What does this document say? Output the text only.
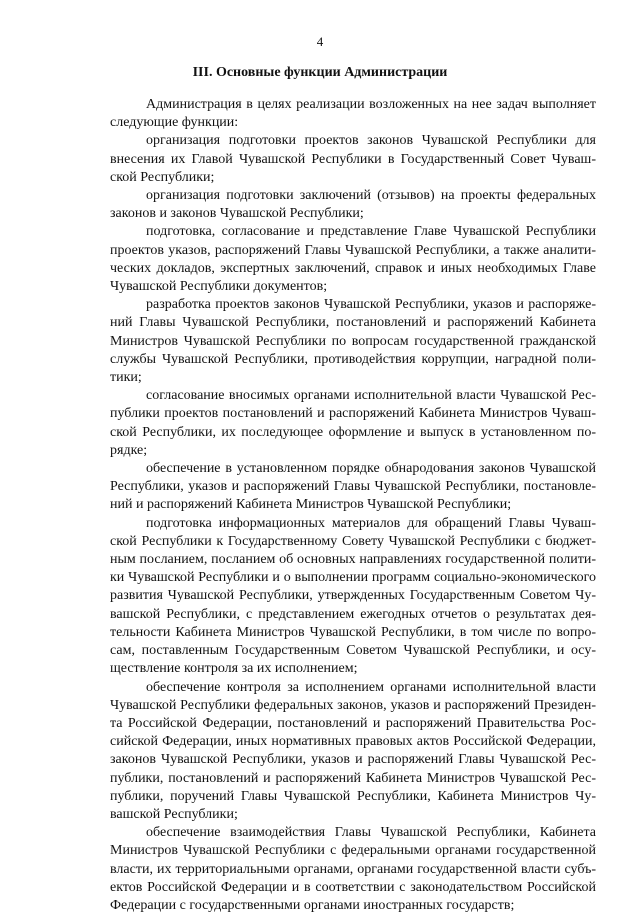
4
III. Основные функции Администрации

Администрация в целях реализации возложенных на нее задач выполняет следующие функции:

организация подготовки проектов законов Чувашской Республики для внесения их Главой Чувашской Республики в Государственный Совет Чувашской Республики;

организация подготовки заключений (отзывов) на проекты федеральных законов и законов Чувашской Республики;

подготовка, согласование и представление Главе Чувашской Республики проектов указов, распоряжений Главы Чувашской Республики, а также аналитических докладов, экспертных заключений, справок и иных необходимых Главе Чувашской Республики документов;

разработка проектов законов Чувашской Республики, указов и распоряжений Главы Чувашской Республики, постановлений и распоряжений Кабинета Министров Чувашской Республики по вопросам государственной гражданской службы Чувашской Республики, противодействия коррупции, наградной политики;

согласование вносимых органами исполнительной власти Чувашской Республики проектов постановлений и распоряжений Кабинета Министров Чувашской Республики, их последующее оформление и выпуск в установленном порядке;

обеспечение в установленном порядке обнародования законов Чувашской Республики, указов и распоряжений Главы Чувашской Республики, постановлений и распоряжений Кабинета Министров Чувашской Республики;

подготовка информационных материалов для обращений Главы Чувашской Республики к Государственному Совету Чувашской Республики с бюджетным посланием, посланием об основных направлениях государственной политики Чувашской Республики и о выполнении программ социально-экономического развития Чувашской Республики, утвержденных Государственным Советом Чувашской Республики, с представлением ежегодных отчетов о результатах деятельности Кабинета Министров Чувашской Республики, в том числе по вопросам, поставленным Государственным Советом Чувашской Республики, и осуществление контроля за их исполнением;

обеспечение контроля за исполнением органами исполнительной власти Чувашской Республики федеральных законов, указов и распоряжений Президента Российской Федерации, постановлений и распоряжений Правительства Российской Федерации, иных нормативных правовых актов Российской Федерации, законов Чувашской Республики, указов и распоряжений Главы Чувашской Республики, постановлений и распоряжений Кабинета Министров Чувашской Республики, поручений Главы Чувашской Республики, Кабинета Министров Чувашской Республики;

обеспечение взаимодействия Главы Чувашской Республики, Кабинета Министров Чувашской Республики с федеральными органами государственной власти, их территориальными органами, органами государственной власти субъектов Российской Федерации и в соответствии с законодательством Российской Федерации с государственными органами иностранных государств;
